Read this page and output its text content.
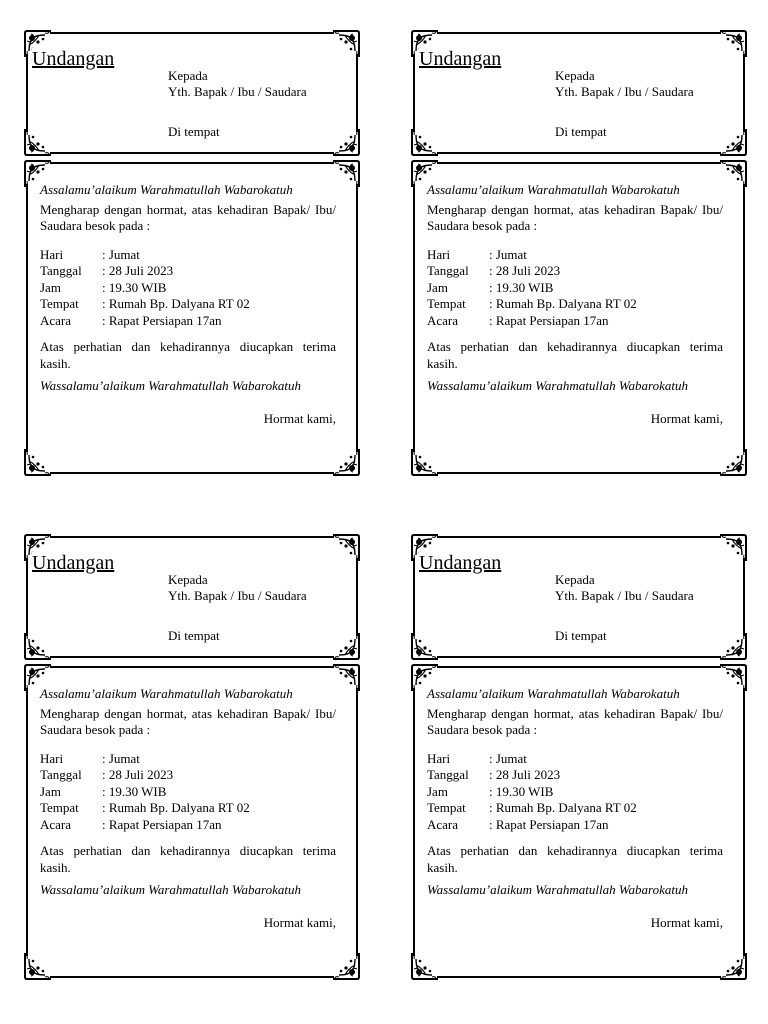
Undangan
Kepada
Yth. Bapak / Ibu / Saudara
Di tempat

Assalamu’alaikum Warahmatullah Wabarokatuh

Mengharap dengan hormat, atas kehadiran Bapak/ Ibu/ Saudara besok pada :

Hari	: Jumat
Tanggal	: 28 Juli 2023
Jam	: 19.30 WIB
Tempat	: Rumah Bp. Dalyana RT 02
Acara	: Rapat Persiapan 17an

Atas perhatian dan kehadirannya diucapkan terima kasih.

Wassalamu’alaikum Warahmatullah Wabarokatuh

Hormat kami,
Undangan
Kepada
Yth. Bapak / Ibu / Saudara
Di tempat

Assalamu’alaikum Warahmatullah Wabarokatuh

Mengharap dengan hormat, atas kehadiran Bapak/ Ibu/ Saudara besok pada :

Hari	: Jumat
Tanggal	: 28 Juli 2023
Jam	: 19.30 WIB
Tempat	: Rumah Bp. Dalyana RT 02
Acara	: Rapat Persiapan 17an

Atas perhatian dan kehadirannya diucapkan terima kasih.

Wassalamu’alaikum Warahmatullah Wabarokatuh

Hormat kami,
Undangan
Kepada
Yth. Bapak / Ibu / Saudara
Di tempat

Assalamu’alaikum Warahmatullah Wabarokatuh

Mengharap dengan hormat, atas kehadiran Bapak/ Ibu/ Saudara besok pada :

Hari	: Jumat
Tanggal	: 28 Juli 2023
Jam	: 19.30 WIB
Tempat	: Rumah Bp. Dalyana RT 02
Acara	: Rapat Persiapan 17an

Atas perhatian dan kehadirannya diucapkan terima kasih.

Wassalamu’alaikum Warahmatullah Wabarokatuh

Hormat kami,
Undangan
Kepada
Yth. Bapak / Ibu / Saudara
Di tempat

Assalamu’alaikum Warahmatullah Wabarokatuh

Mengharap dengan hormat, atas kehadiran Bapak/ Ibu/ Saudara besok pada :

Hari	: Jumat
Tanggal	: 28 Juli 2023
Jam	: 19.30 WIB
Tempat	: Rumah Bp. Dalyana RT 02
Acara	: Rapat Persiapan 17an

Atas perhatian dan kehadirannya diucapkan terima kasih.

Wassalamu’alaikum Warahmatullah Wabarokatuh

Hormat kami,
